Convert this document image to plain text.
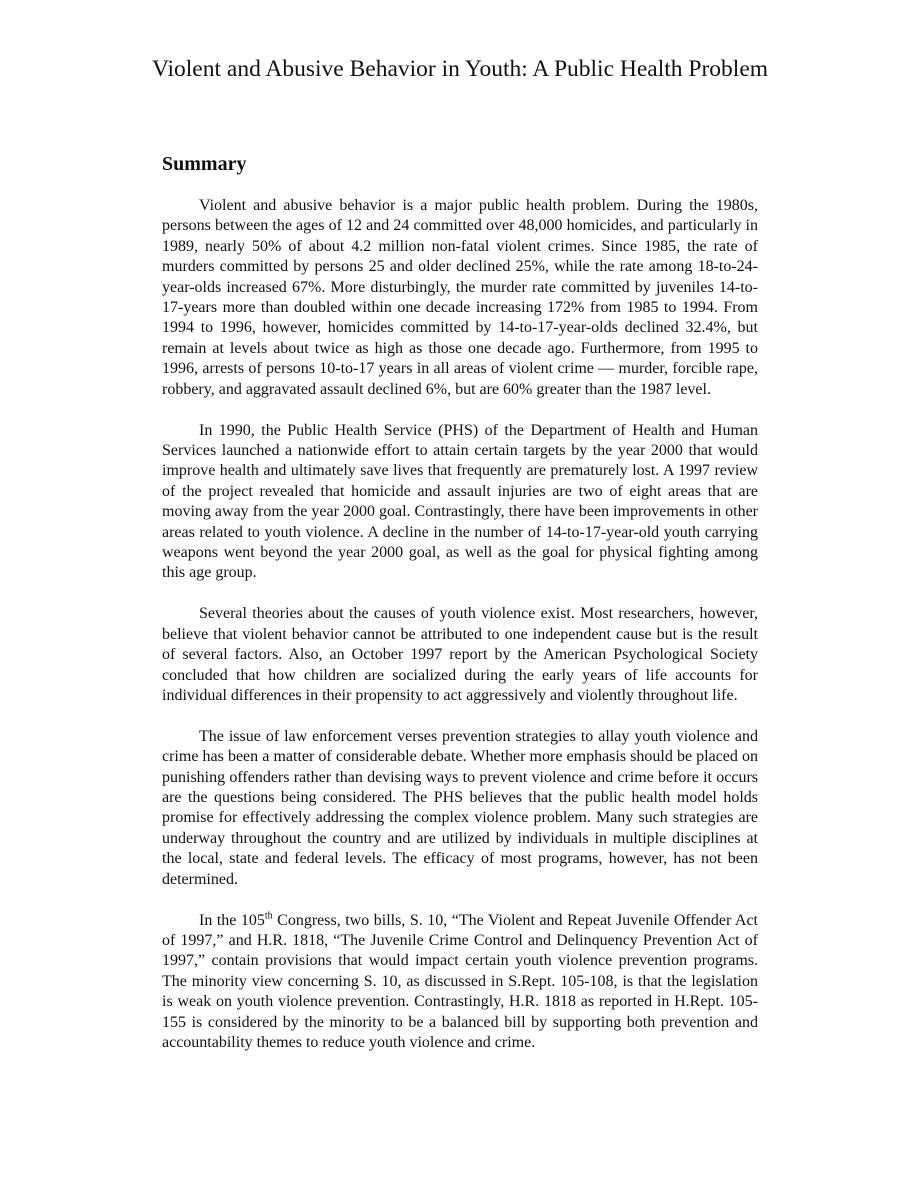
Violent and Abusive Behavior in Youth: A Public Health Problem
Summary

Violent and abusive behavior is a major public health problem. During the 1980s, persons between the ages of 12 and 24 committed over 48,000 homicides, and particularly in 1989, nearly 50% of about 4.2 million non-fatal violent crimes. Since 1985, the rate of murders committed by persons 25 and older declined 25%, while the rate among 18-to-24-year-olds increased 67%. More disturbingly, the murder rate committed by juveniles 14-to-17-years more than doubled within one decade increasing 172% from 1985 to 1994. From 1994 to 1996, however, homicides committed by 14-to-17-year-olds declined 32.4%, but remain at levels about twice as high as those one decade ago. Furthermore, from 1995 to 1996, arrests of persons 10-to-17 years in all areas of violent crime — murder, forcible rape, robbery, and aggravated assault declined 6%, but are 60% greater than the 1987 level.

In 1990, the Public Health Service (PHS) of the Department of Health and Human Services launched a nationwide effort to attain certain targets by the year 2000 that would improve health and ultimately save lives that frequently are prematurely lost. A 1997 review of the project revealed that homicide and assault injuries are two of eight areas that are moving away from the year 2000 goal. Contrastingly, there have been improvements in other areas related to youth violence. A decline in the number of 14-to-17-year-old youth carrying weapons went beyond the year 2000 goal, as well as the goal for physical fighting among this age group.

Several theories about the causes of youth violence exist. Most researchers, however, believe that violent behavior cannot be attributed to one independent cause but is the result of several factors. Also, an October 1997 report by the American Psychological Society concluded that how children are socialized during the early years of life accounts for individual differences in their propensity to act aggressively and violently throughout life.

The issue of law enforcement verses prevention strategies to allay youth violence and crime has been a matter of considerable debate. Whether more emphasis should be placed on punishing offenders rather than devising ways to prevent violence and crime before it occurs are the questions being considered. The PHS believes that the public health model holds promise for effectively addressing the complex violence problem. Many such strategies are underway throughout the country and are utilized by individuals in multiple disciplines at the local, state and federal levels. The efficacy of most programs, however, has not been determined.

In the 105th Congress, two bills, S. 10, “The Violent and Repeat Juvenile Offender Act of 1997,” and H.R. 1818, “The Juvenile Crime Control and Delinquency Prevention Act of 1997,” contain provisions that would impact certain youth violence prevention programs. The minority view concerning S. 10, as discussed in S.Rept. 105-108, is that the legislation is weak on youth violence prevention. Contrastingly, H.R. 1818 as reported in H.Rept. 105-155 is considered by the minority to be a balanced bill by supporting both prevention and accountability themes to reduce youth violence and crime.
